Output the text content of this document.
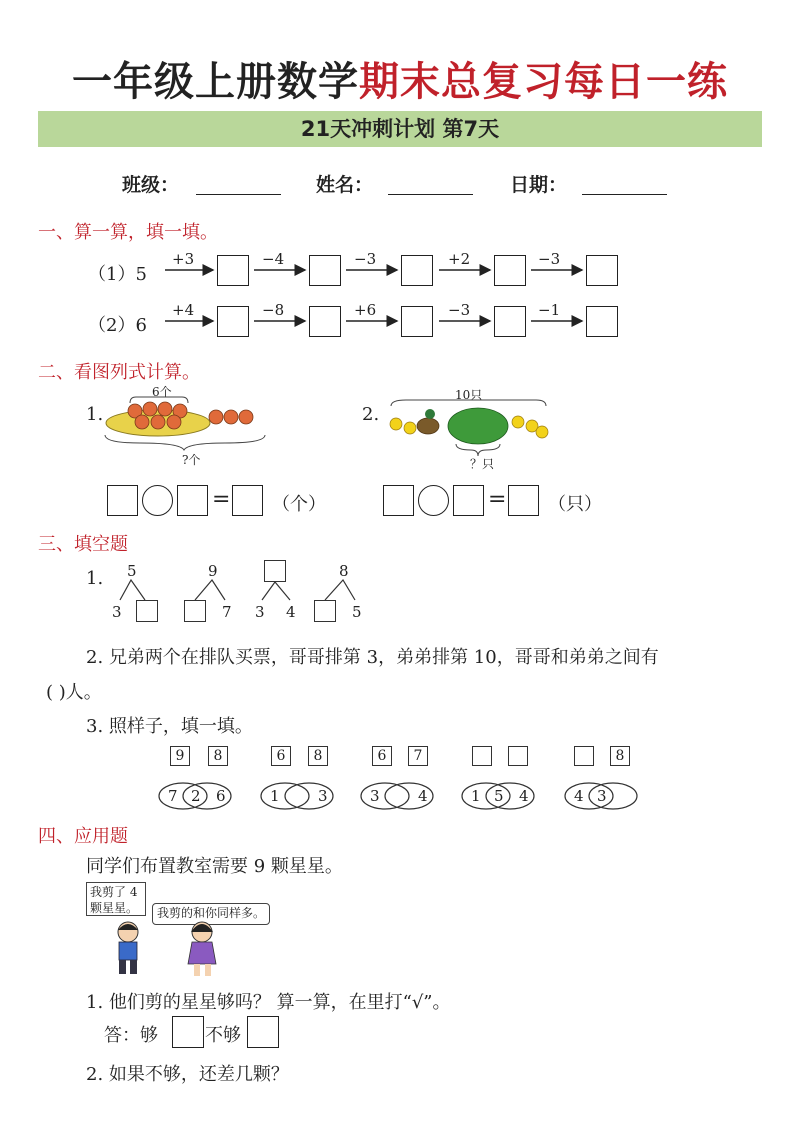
一年级上册数学期末总复习每日一练
21天冲刺计划 第7天
班级：	姓名：	日期：
一、算一算，填一填。
（1）5
（2）6
+3	−4	−3	+2	−3
+4	−8	+6	−3	−1
二、看图列式计算。
1.	2.
6个
?个
10只
？只
= （个）	= （只）
三、填空题
1. 5
3
9
7 3 4
8
5
2. 兄弟两个在排队买票，哥哥排第 3，弟弟排第 10，哥哥和弟弟之间有
( )人。
3. 照样子，填一填。
9	8	6	8	6	7	8
7 2 6	1	3	3	4	1 5 4	4 3
四、应用题
同学们布置教室需要 9 颗星星。
我剪了 4 颗星星。	我剪的和你同样多。
1. 他们剪的星星够吗？ 算一算，在里打“√”。
答：够	不够
2. 如果不够，还差几颗？
